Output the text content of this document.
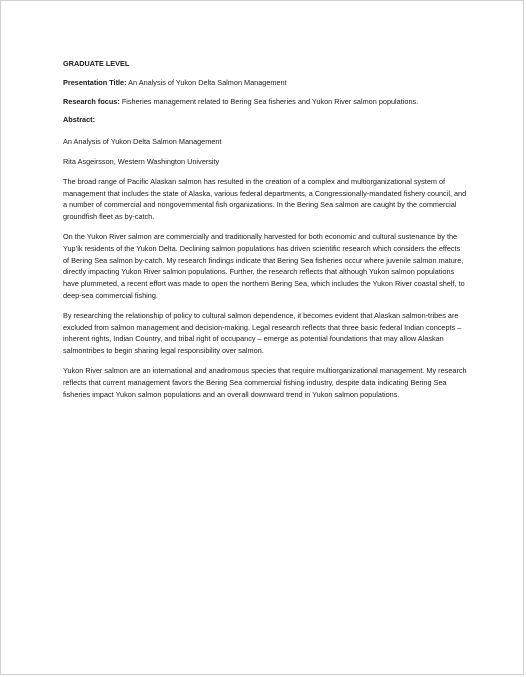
GRADUATE LEVEL
Presentation Title: An Analysis of Yukon Delta Salmon Management
Research focus: Fisheries management related to Bering Sea fisheries and Yukon River salmon populations.
Abstract:
An Analysis of Yukon Delta Salmon Management
Rita Asgeirsson, Western Washington University

The broad range of Pacific Alaskan salmon has resulted in the creation of a complex and multiorganizational system of management that includes the state of Alaska, various federal departments, a Congressionally-mandated fishery council, and a number of commercial and nongovernmental fish organizations. In the Bering Sea salmon are caught by the commercial groundfish fleet as by-catch.

On the Yukon River salmon are commercially and traditionally harvested for both economic and cultural sustenance by the Yup’ik residents of the Yukon Delta. Declining salmon populations has driven scientific research which considers the effects of Bering Sea salmon by-catch. My research findings indicate that Bering Sea fisheries occur where juvenile salmon mature, directly impacting Yukon River salmon populations. Further, the research reflects that although Yukon salmon populations have plummeted, a recent effort was made to open the northern Bering Sea, which includes the Yukon River coastal shelf, to deep-sea commercial fishing.

By researching the relationship of policy to cultural salmon dependence, it becomes evident that Alaskan salmon-tribes are excluded from salmon management and decision-making. Legal research reflects that three basic federal Indian concepts – inherent rights, Indian Country, and tribal right of occupancy – emerge as potential foundations that may allow Alaskan salmontribes to begin sharing legal responsibility over salmon.

Yukon River salmon are an international and anadromous species that require multiorganizational management. My research reflects that current management favors the Bering Sea commercial fishing industry, despite data indicating Bering Sea fisheries impact Yukon salmon populations and an overall downward trend in Yukon salmon populations.
